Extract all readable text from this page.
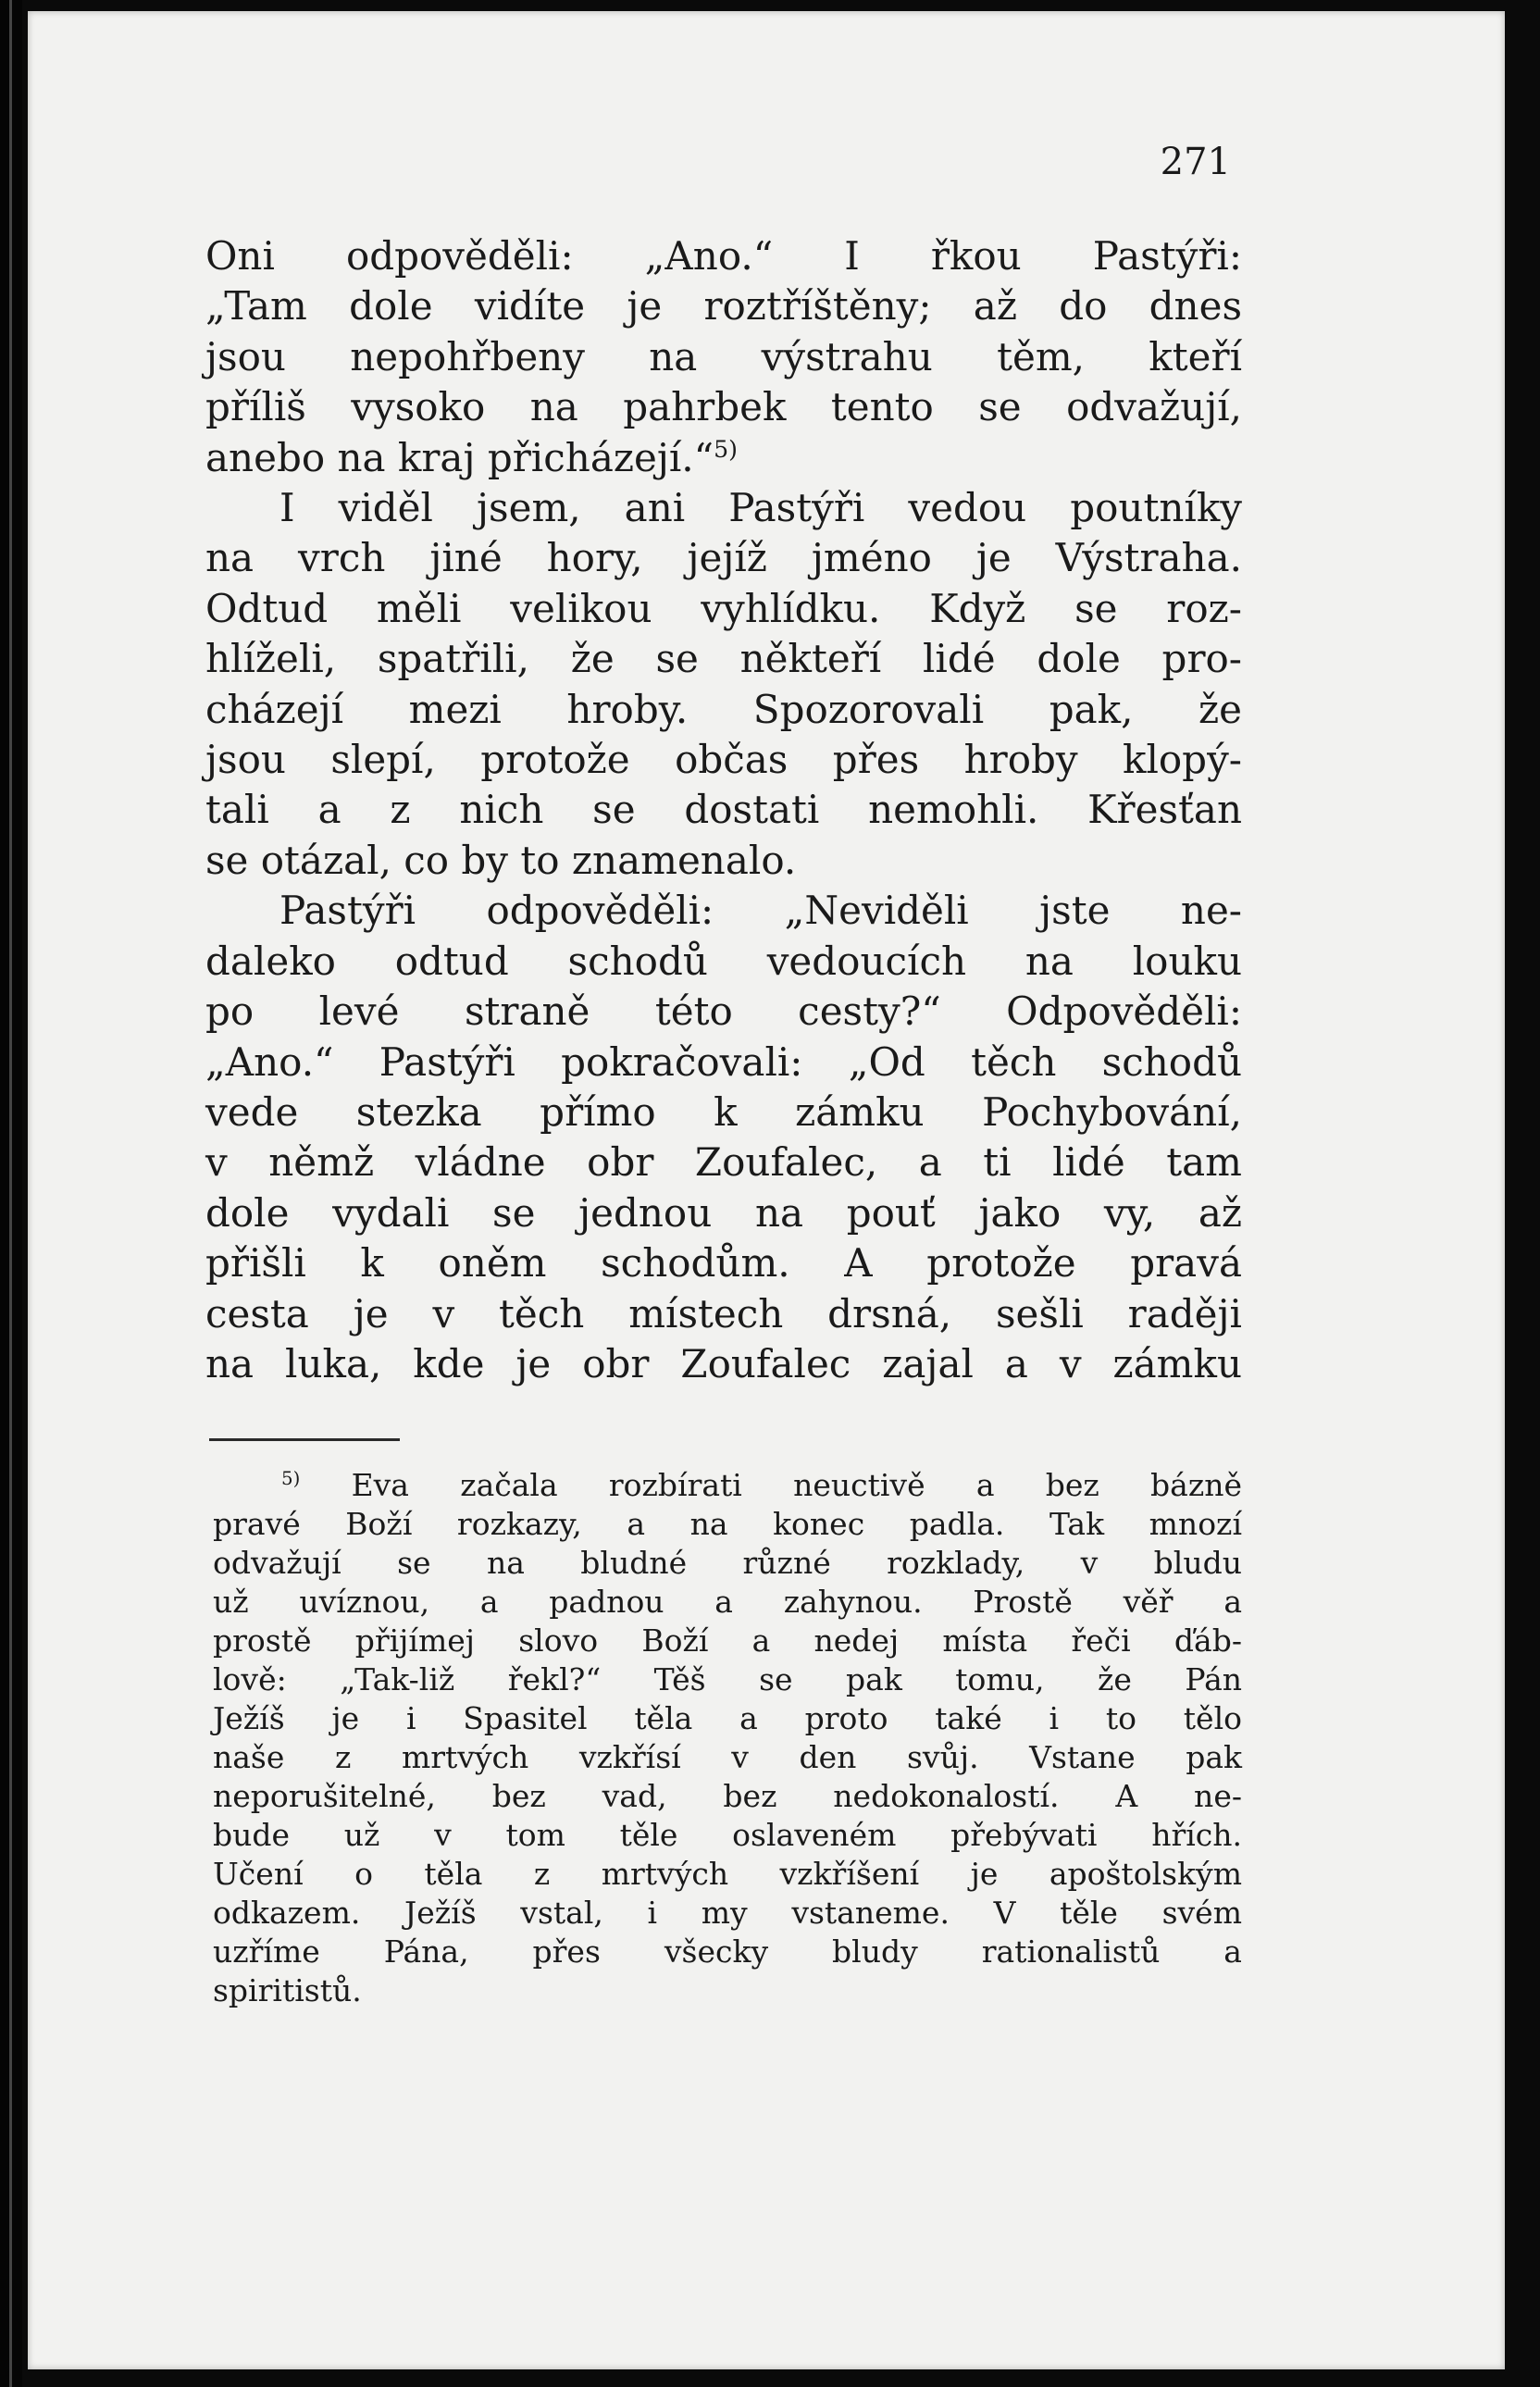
271
Oni odpověděli: „Ano.“ I řkou Pastýři:
„Tam dole vidíte je roztříštěny; až do dnes
jsou nepohřbeny na výstrahu těm, kteří
příliš vysoko na pahrbek tento se odvažují,
anebo na kraj přicházejí.“$^{5)}$
I viděl jsem, ani Pastýři vedou poutníky
na vrch jiné hory, jejíž jméno je Výstraha.
Odtud měli velikou vyhlídku. Když se roz-
hlíželi, spatřili, že se někteří lidé dole pro-
cházejí mezi hroby. Spozorovali pak, že
jsou slepí, protože občas přes hroby klopý-
tali a z nich se dostati nemohli. Křesťan
se otázal, co by to znamenalo.
Pastýři odpověděli: „Neviděli jste ne-
daleko odtud schodů vedoucích na louku
po levé straně této cesty?“ Odpověděli:
„Ano.“ Pastýři pokračovali: „Od těch schodů
vede stezka přímo k zámku Pochybování,
v němž vládne obr Zoufalec, a ti lidé tam
dole vydali se jednou na pouť jako vy, až
přišli k oněm schodům. A protože pravá
cesta je v těch místech drsná, sešli raději
na luka, kde je obr Zoufalec zajal a v zámku
$^{5)}$ Eva začala rozbírati neuctivě a bez bázně
pravé Boží rozkazy, a na konec padla. Tak mnozí
odvažují se na bludné různé rozklady, v bludu
už uvíznou, a padnou a zahynou. Prostě věř a
prostě přijímej slovo Boží a nedej místa řeči ďáb-
lově: „Tak-liž řekl?“ Těš se pak tomu, že Pán
Ježíš je i Spasitel těla a proto také i to tělo
naše z mrtvých vzkřísí v den svůj. Vstane pak
neporušitelné, bez vad, bez nedokonalostí. A ne-
bude už v tom těle oslaveném přebývati hřích.
Učení o těla z mrtvých vzkříšení je apoštolským
odkazem. Ježíš vstal, i my vstaneme. V těle svém
uzříme Pána, přes všecky bludy rationalistů a
spiritistů.
